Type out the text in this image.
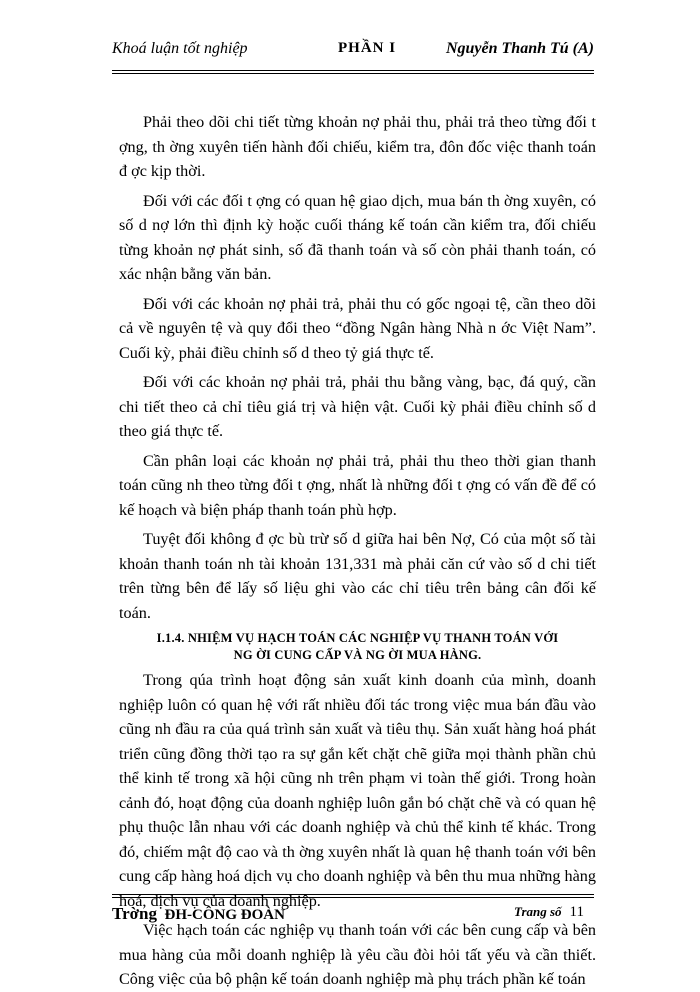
Khoá luận tốt nghiệp	PHẦN I	Nguyễn Thanh Tú (A)

Phải theo dõi chi tiết từng khoản nợ phải thu, phải trả theo từng đối t ợng, th ờng xuyên tiến hành đối chiếu, kiểm tra, đôn đốc việc thanh toán đ ợc kịp thời.

Đối với các đối t ợng có quan hệ giao dịch, mua bán th ờng xuyên, có số d nợ lớn thì định kỳ hoặc cuối tháng kế toán cần kiểm tra, đối chiếu từng khoản nợ phát sinh, số đã thanh toán và số còn phải thanh toán, có xác nhận bằng văn bản.

Đối với các khoản nợ phải trả, phải thu có gốc ngoại tệ, cần theo dõi cả về nguyên tệ và quy đổi theo “đồng Ngân hàng Nhà n ớc Việt Nam”. Cuối kỳ, phải điều chỉnh số d theo tỷ giá thực tế.

Đối với các khoản nợ phải trả, phải thu bằng vàng, bạc, đá quý, cần chi tiết theo cả chỉ tiêu giá trị và hiện vật. Cuối kỳ phải điều chỉnh số d theo giá thực tế.

Cần phân loại các khoản nợ phải trả, phải thu theo thời gian thanh toán cũng nh theo từng đối t ợng, nhất là những đối t ợng có vấn đề để có kế hoạch và biện pháp thanh toán phù hợp.

Tuyệt đối không đ ợc bù trừ số d giữa hai bên Nợ, Có của một số tài khoản thanh toán nh tài khoản 131,331 mà phải căn cứ vào số d chi tiết trên từng bên để lấy số liệu ghi vào các chỉ tiêu trên bảng cân đối kế toán.

I.1.4. NHIỆM VỤ HẠCH TOÁN CÁC NGHIỆP VỤ THANH TOÁN VỚI
NG ỜI CUNG CẤP VÀ NG ỜI MUA HÀNG.

Trong qúa trình hoạt động sản xuất kinh doanh của mình, doanh nghiệp luôn có quan hệ với rất nhiều đối tác trong việc mua bán đầu vào cũng nh đầu ra của quá trình sản xuất và tiêu thụ. Sản xuất hàng hoá phát triển cũng đồng thời tạo ra sự gắn kết chặt chẽ giữa mọi thành phần chủ thể kinh tế trong xã hội cũng nh trên phạm vi toàn thế giới. Trong hoàn cảnh đó, hoạt động của doanh nghiệp luôn gắn bó chặt chẽ và có quan hệ phụ thuộc lẫn nhau với các doanh nghiệp và chủ thể kinh tế khác. Trong đó, chiếm mật độ cao và th ờng xuyên nhất là quan hệ thanh toán với bên cung cấp hàng hoá dịch vụ cho doanh nghiệp và bên thu mua những hàng hoá, dịch vụ của doanh nghiệp.

Việc hạch toán các nghiệp vụ thanh toán với các bên cung cấp và bên mua hàng của mỗi doanh nghiệp là yêu cầu đòi hỏi tất yếu và cần thiết. Công việc của bộ phận kế toán doanh nghiệp mà phụ trách phần kế toán

Trờng ĐH-CÔNG ĐOÀN	Trang số 11
